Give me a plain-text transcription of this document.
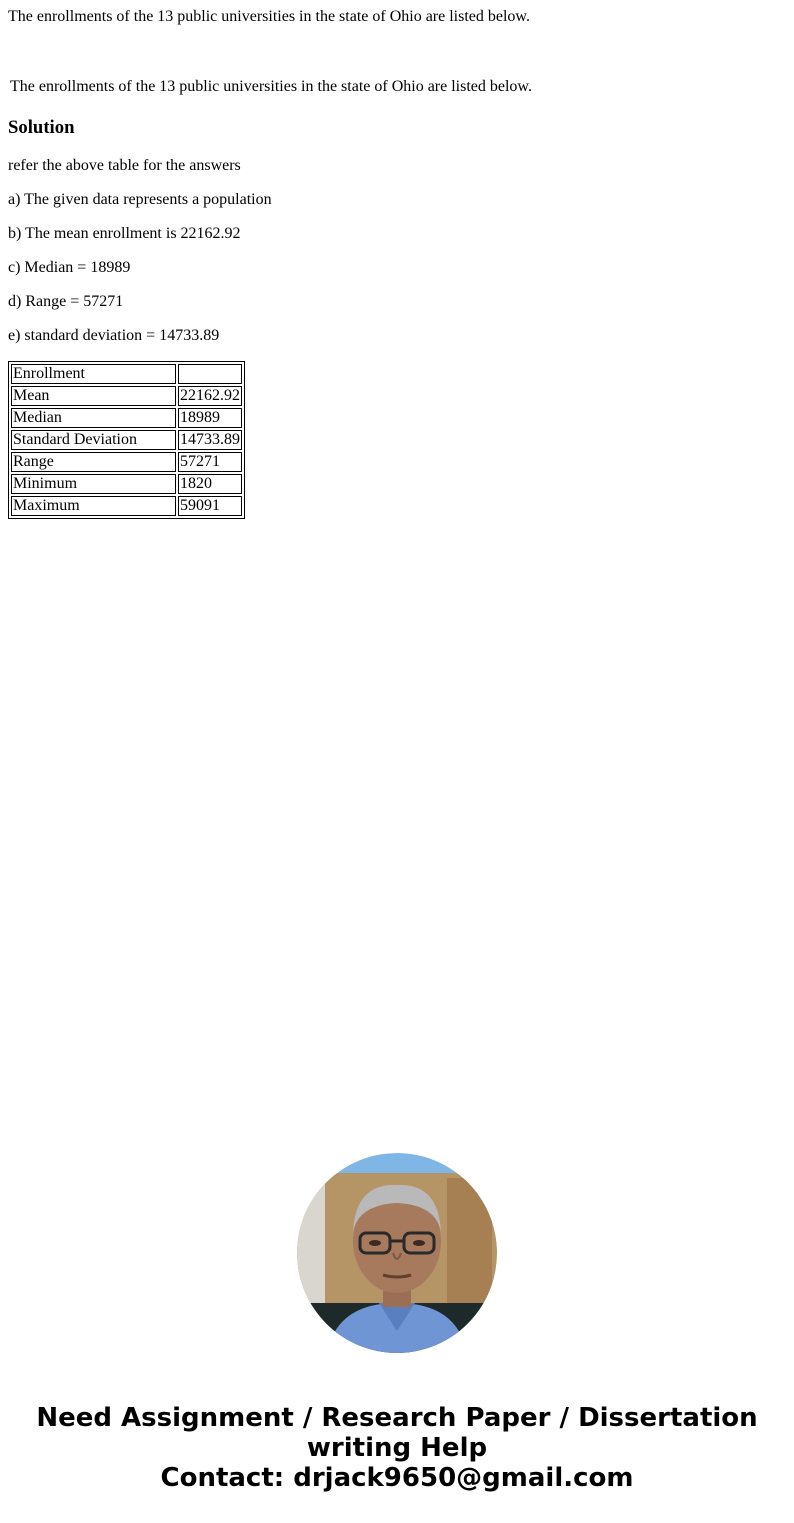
The enrollments of the 13 public universities in the state of Ohio are listed below.

The enrollments of the 13 public universities in the state of Ohio are listed below.

Solution

refer the above table for the answers

a) The given data represents a population

b) The mean enrollment is 22162.92

c) Median = 18989

d) Range = 57271

e) standard deviation = 14733.89

Enrollment	
Mean	22162.92
Median	18989
Standard Deviation	14733.89
Range	57271
Minimum	1820
Maximum	59091
Need Assignment / Research Paper / Dissertation
writing Help
Contact: drjack9650@gmail.com
